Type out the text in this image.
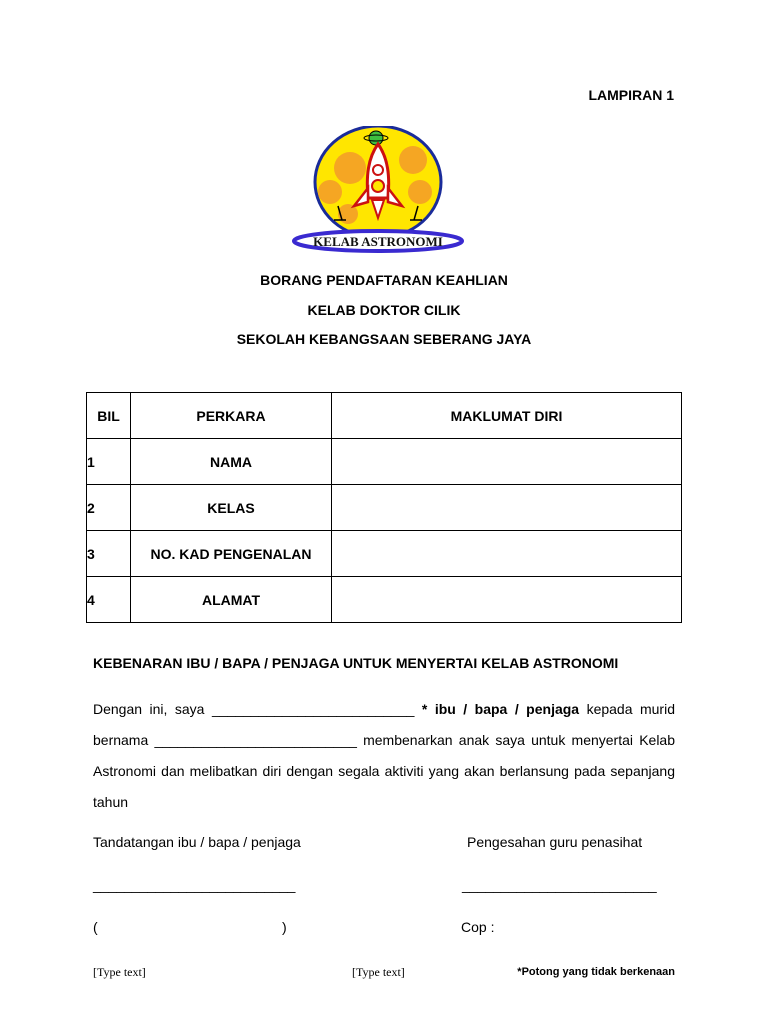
LAMPIRAN 1
KELAB ASTRONOMI
BORANG PENDAFTARAN KEAHLIAN
KELAB DOKTOR CILIK
SEKOLAH KEBANGSAAN SEBERANG JAYA
BIL	PERKARA	MAKLUMAT DIRI
1	NAMA	
2	KELAS	
3	NO. KAD PENGENALAN	
4	ALAMAT	
KEBENARAN IBU / BAPA / PENJAGA UNTUK MENYERTAI KELAB ASTRONOMI
Dengan ini, saya __________________________ * ibu / bapa / penjaga kepada murid bernama __________________________ membenarkan anak saya untuk menyertai Kelab Astronomi dan melibatkan diri dengan segala aktiviti yang akan berlansung pada sepanjang tahun
Tandatangan ibu / bapa / penjaga	Pengesahan guru penasihat
__________________________	_________________________
(	)	Cop :
[Type text]	[Type text]	*Potong yang tidak berkenaan
